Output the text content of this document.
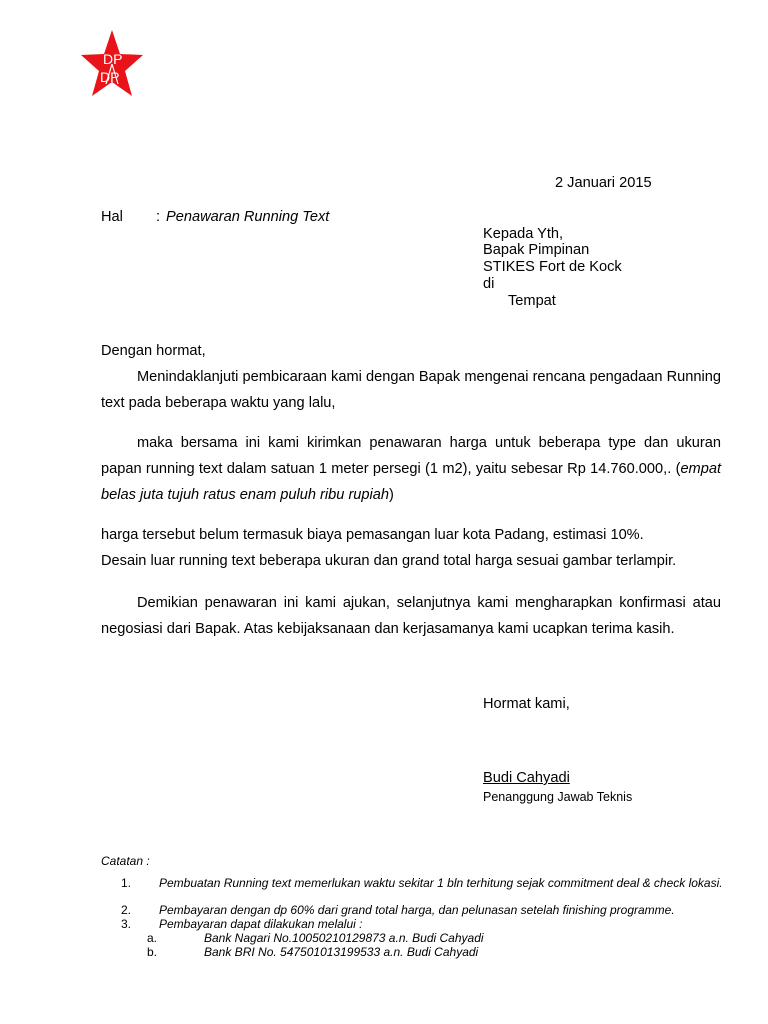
DP
DP
2 Januari 2015
Hal : Penawaran Running Text
Kepada Yth,
Bapak Pimpinan
STIKES Fort de Kock
di
Tempat
Dengan hormat,
Menindaklanjuti pembicaraan kami dengan Bapak mengenai rencana pengadaan Running text pada beberapa waktu yang lalu,
maka bersama ini kami kirimkan penawaran harga untuk beberapa type dan ukuran papan running text dalam satuan 1 meter persegi (1 m2), yaitu sebesar Rp 14.760.000,. (empat belas juta tujuh ratus enam puluh ribu rupiah)
harga tersebut belum termasuk biaya pemasangan luar kota Padang, estimasi 10%.
Desain luar running text beberapa ukuran dan grand total harga sesuai gambar terlampir.
Demikian penawaran ini kami ajukan, selanjutnya kami mengharapkan konfirmasi atau negosiasi dari Bapak. Atas kebijaksanaan dan kerjasamanya kami ucapkan terima kasih.
Hormat kami,
Budi Cahyadi
Penanggung Jawab Teknis
Catatan :
1.	Pembuatan Running text memerlukan waktu sekitar 1 bln terhitung sejak commitment deal & check lokasi.
2.	Pembayaran dengan dp 60% dari grand total harga, dan pelunasan setelah finishing programme.
3.	Pembayaran dapat dilakukan melalui :
a.	Bank Nagari No.10050210129873 a.n. Budi Cahyadi
b.	Bank BRI No. 547501013199533 a.n. Budi Cahyadi
